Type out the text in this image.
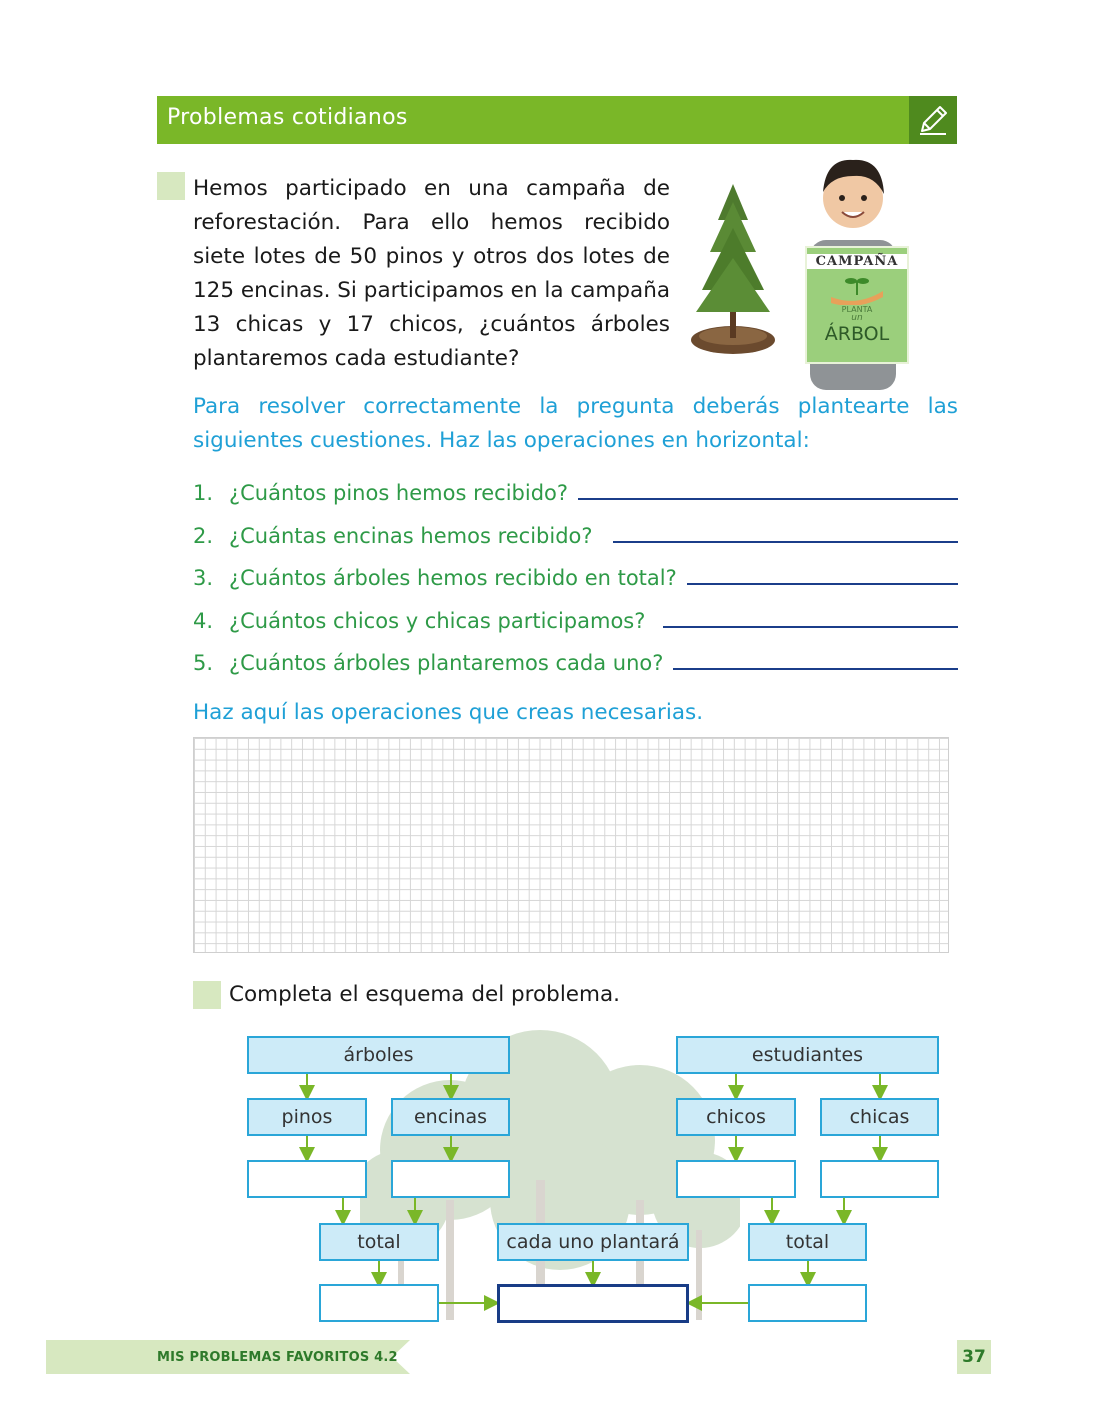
Problemas cotidianos
Hemos participado en una campaña de reforestación. Para ello hemos recibido siete lotes de 50 pinos y otros dos lotes de 125 encinas. Si participamos en la campaña 13 chicas y 17 chicos, ¿cuántos árboles plantaremos cada estudiante?
CAMPAÑA
PLANTA
un
ÁRBOL
Para resolver correctamente la pregunta deberás plantearte las siguientes cuestiones. Haz las operaciones en horizontal:
1. ¿Cuántos pinos hemos recibido?
2. ¿Cuántas encinas hemos recibido?
3. ¿Cuántos árboles hemos recibido en total?
4. ¿Cuántos chicos y chicas participamos?
5. ¿Cuántos árboles plantaremos cada uno?
Haz aquí las operaciones que creas necesarias.
Completa el esquema del problema.
árboles	estudiantes
pinos	encinas	chicos	chicas
total	cada uno plantará	total
MIS PROBLEMAS FAVORITOS 4.2	37
